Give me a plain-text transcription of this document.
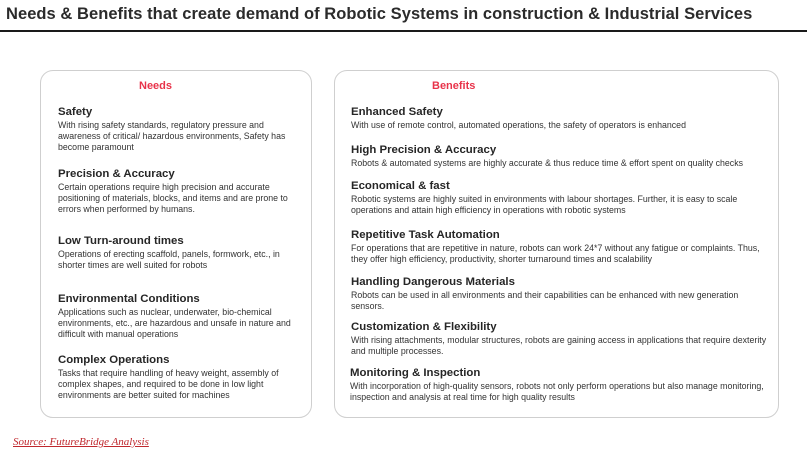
Needs & Benefits that create demand of Robotic Systems in construction & Industrial Services
Needs
Safety
With rising safety standards, regulatory pressure and awareness of critical/ hazardous environments, Safety has become paramount
Precision & Accuracy
Certain operations require high precision and accurate positioning of materials, blocks, and items and are prone to errors when performed by humans.
Low Turn-around times
Operations of erecting scaffold, panels, formwork, etc., in shorter times are well suited for robots
Environmental Conditions
Applications such as nuclear, underwater, bio-chemical environments, etc., are hazardous and unsafe in nature and difficult with manual operations
Complex Operations
Tasks that require handling of heavy weight, assembly of complex shapes, and required to be done in low light environments are better suited for machines
Benefits
Enhanced Safety
With use of remote control, automated operations, the safety of operators is enhanced
High Precision & Accuracy
Robots & automated systems are highly accurate & thus reduce time & effort spent on quality checks
Economical & fast
Robotic systems are highly suited in environments with labour shortages. Further, it is easy to scale operations and attain high efficiency in operations with robotic systems
Repetitive Task Automation
For operations that are repetitive in nature, robots can work 24*7 without any fatigue or complaints. Thus, they offer high efficiency, productivity, shorter turnaround times and scalability
Handling Dangerous Materials
Robots can be used in all environments and their capabilities can be enhanced with new generation sensors.
Customization & Flexibility
With rising attachments, modular structures, robots are gaining access in applications that require dexterity and multiple processes.
Monitoring & Inspection
With incorporation of high-quality sensors, robots not only perform operations but also manage monitoring, inspection and analysis at real time for high quality results
Source: FutureBridge Analysis
